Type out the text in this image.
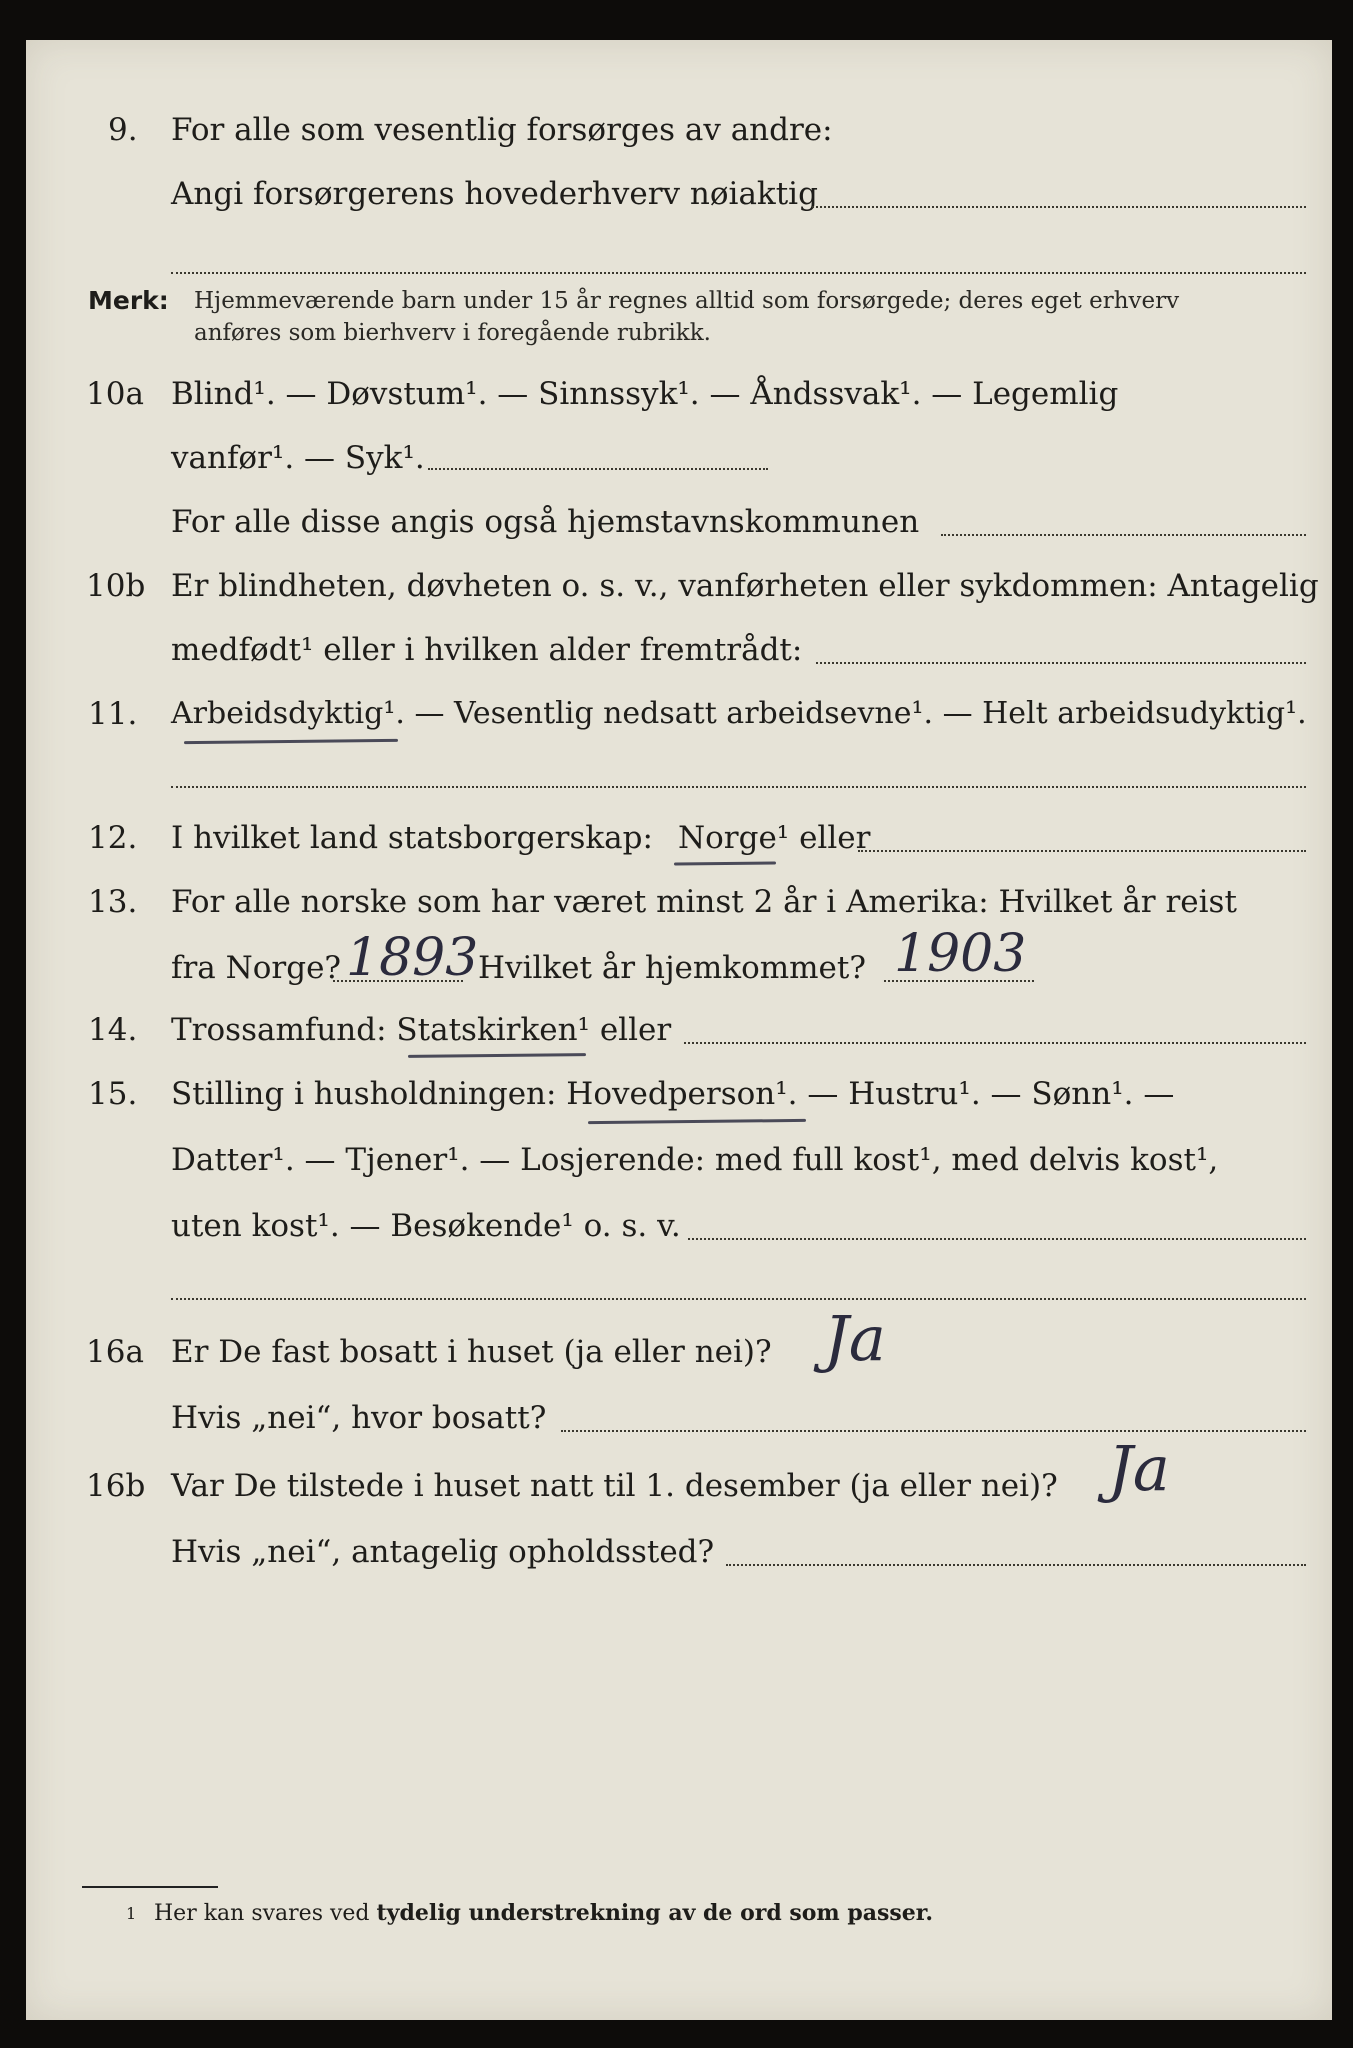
9. For alle som vesentlig forsørges av andre:
Angi forsørgerens hovederhverv nøiaktig
Merk: Hjemmeværende barn under 15 år regnes alltid som forsørgede; deres eget erhverv
anføres som bierhverv i foregående rubrikk.
10a Blind¹. — Døvstum¹. — Sinnssyk¹. — Åndssvak¹. — Legemlig
vanfør¹. — Syk¹.
For alle disse angis også hjemstavnskommunen
10b Er blindheten, døvheten o. s. v., vanførheten eller sykdommen: Antagelig
medfødt¹ eller i hvilken alder fremtrådt:
11. Arbeidsdyktig¹. — Vesentlig nedsatt arbeidsevne¹. — Helt arbeidsudyktig¹.
12. I hvilket land statsborgerskap: Norge¹ eller
13. For alle norske som har været minst 2 år i Amerika: Hvilket år reist
fra Norge? 1893 Hvilket år hjemkommet? 1903
14. Trossamfund: Statskirken¹ eller
15. Stilling i husholdningen: Hovedperson¹. — Hustru¹. — Sønn¹. —
Datter¹. — Tjener¹. — Losjerende: med full kost¹, med delvis kost¹,
uten kost¹. — Besøkende¹ o. s. v.
16a Er De fast bosatt i huset (ja eller nei)? Ja
Hvis „nei“, hvor bosatt?
16b Var De tilstede i huset natt til 1. desember (ja eller nei)? Ja
Hvis „nei“, antagelig opholdssted?
1 Her kan svares ved tydelig understrekning av de ord som passer.
